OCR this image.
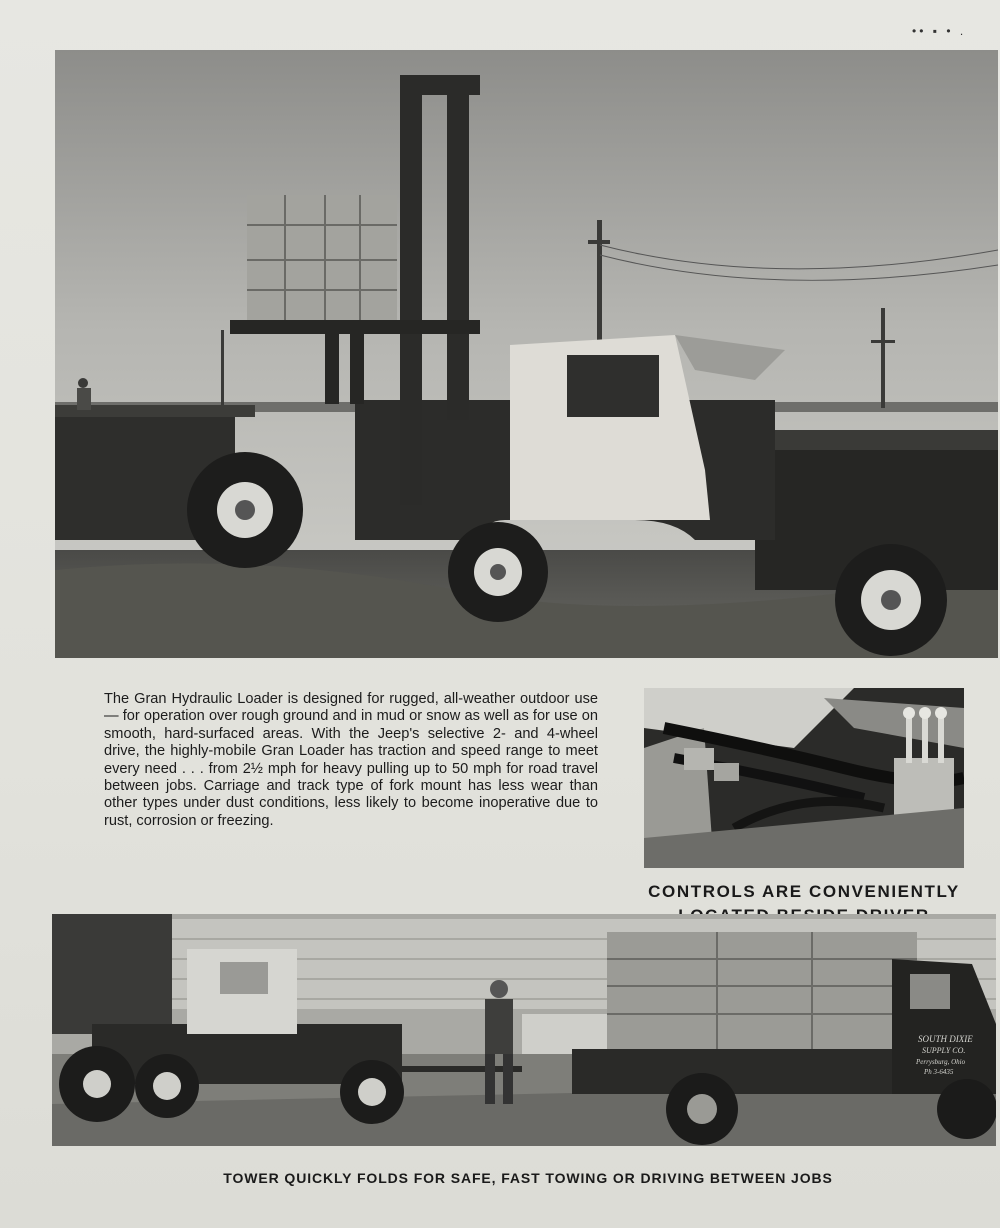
•• ▪ • .
The Gran Hydraulic Loader is designed for rugged, all-weather outdoor use — for operation over rough ground and in mud or snow as well as for use on smooth, hard-surfaced areas. With the Jeep's selective 2- and 4-wheel drive, the highly-mobile Gran Loader has traction and speed range to meet every need . . . from 2½ mph for heavy pulling up to 50 mph for road travel between jobs. Carriage and track type of fork mount has less wear than other types under dust conditions, less likely to become inoperative due to rust, corrosion or freezing.
CONTROLS ARE CONVENIENTLY
SOUTH DIXIE
SUPPLY CO.
Perrysburg, Ohio
Ph 3-6435
TOWER QUICKLY FOLDS FOR SAFE, FAST TOWING OR DRIVING BETWEEN JOBS
